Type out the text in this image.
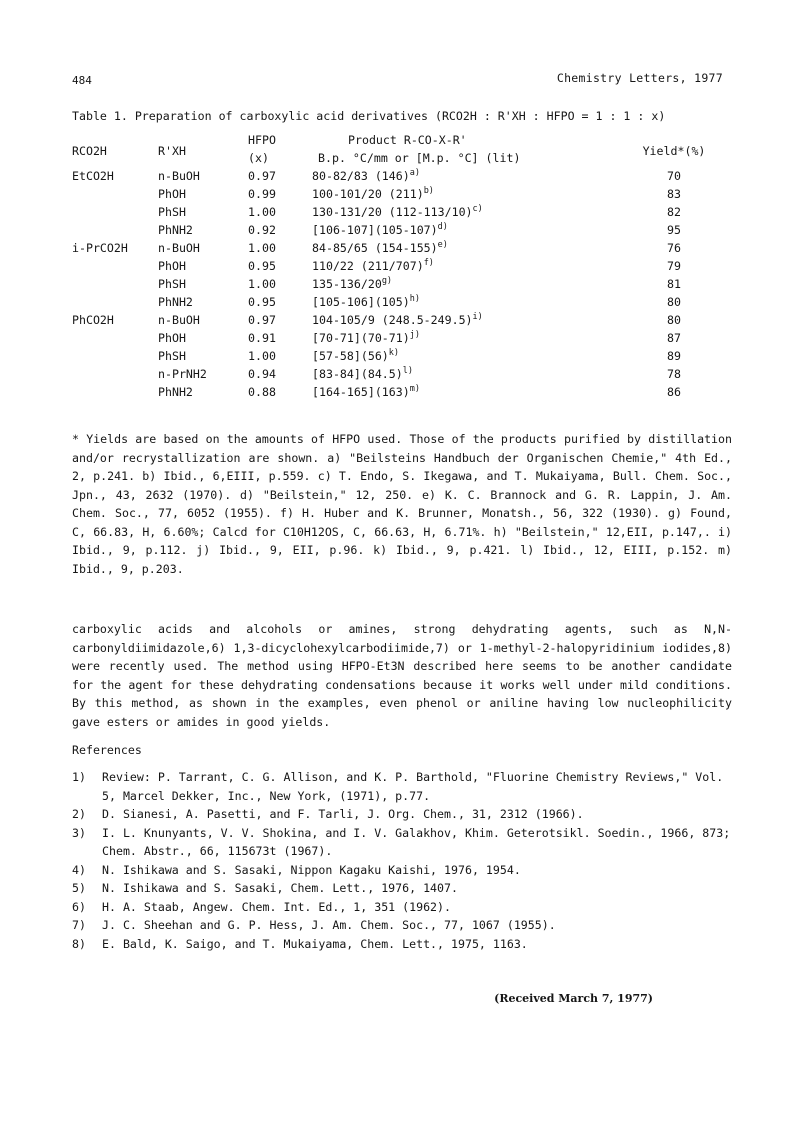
484	Chemistry Letters, 1977
Table 1. Preparation of carboxylic acid derivatives (RCO2H : R'XH : HFPO = 1 : 1 : x)
RCO2H	R'XH	HFPO	Product R-CO-X-R'	Yield*(%)
		(x)	B.p. °C/mm or [M.p. °C] (lit)	
EtCO2H	n-BuOH	0.97	80-82/83 $(146)^{a)}$	70
	PhOH	0.99	100-101/20 $(211)^{b)}$	83
	PhSH	1.00	130-131/20 $(112-113/10)^{c)}$	82
	PhNH2	0.92	$[106-107](105-107)^{d)}$	95
i-PrCO2H	n-BuOH	1.00	84-85/65 $(154-155)^{e)}$	76
	PhOH	0.95	110/22 $(211/707)^{f)}$	79
	PhSH	1.00	135-136/20$^{g)}$	81
	PhNH2	0.95	$[105-106](105)^{h)}$	80
PhCO2H	n-BuOH	0.97	104-105/9 $(248.5-249.5)^{i)}$	80
	PhOH	0.91	$[70-71](70-71)^{j)}$	87
	PhSH	1.00	$[57-58](56)^{k)}$	89
	n-PrNH2	0.94	$[83-84](84.5)^{l)}$	78
	PhNH2	0.88	$[164-165](163)^{m)}$	86
* Yields are based on the amounts of HFPO used. Those of the products purified by distillation and/or recrystallization are shown. a) "Beilsteins Handbuch der Organischen Chemie," 4th Ed., 2, p.241. b) Ibid., 6,EIII, p.559. c) T. Endo, S. Ikegawa, and T. Mukaiyama, Bull. Chem. Soc., Jpn., 43, 2632 (1970). d) "Beilstein," 12, 250. e) K. C. Brannock and G. R. Lappin, J. Am. Chem. Soc., 77, 6052 (1955). f) H. Huber and K. Brunner, Monatsh., 56, 322 (1930). g) Found, C, 66.83, H, 6.60%; Calcd for C10H12OS, C, 66.63, H, 6.71%. h) "Beilstein," 12,EII, p.147,. i) Ibid., 9, p.112. j) Ibid., 9, EII, p.96. k) Ibid., 9, p.421. l) Ibid., 12, EIII, p.152. m) Ibid., 9, p.203.
carboxylic acids and alcohols or amines, strong dehydrating agents, such as N,N-carbonyldiimidazole,6) 1,3-dicyclohexylcarbodiimide,7) or 1-methyl-2-halopyridinium iodides,8) were recently used. The method using HFPO-Et3N described here seems to be another candidate for the agent for these dehydrating condensations because it works well under mild conditions. By this method, as shown in the examples, even phenol or aniline having low nucleophilicity gave esters or amides in good yields.
References
1)	Review: P. Tarrant, C. G. Allison, and K. P. Barthold, "Fluorine Chemistry Reviews," Vol. 5, Marcel Dekker, Inc., New York, (1971), p.77.
2)	D. Sianesi, A. Pasetti, and F. Tarli, J. Org. Chem., 31, 2312 (1966).
3)	I. L. Knunyants, V. V. Shokina, and I. V. Galakhov, Khim. Geterotsikl. Soedin., 1966, 873; Chem. Abstr., 66, 115673t (1967).
4)	N. Ishikawa and S. Sasaki, Nippon Kagaku Kaishi, 1976, 1954.
5)	N. Ishikawa and S. Sasaki, Chem. Lett., 1976, 1407.
6)	H. A. Staab, Angew. Chem. Int. Ed., 1, 351 (1962).
7)	J. C. Sheehan and G. P. Hess, J. Am. Chem. Soc., 77, 1067 (1955).
8)	E. Bald, K. Saigo, and T. Mukaiyama, Chem. Lett., 1975, 1163.
(Received March 7, 1977)
